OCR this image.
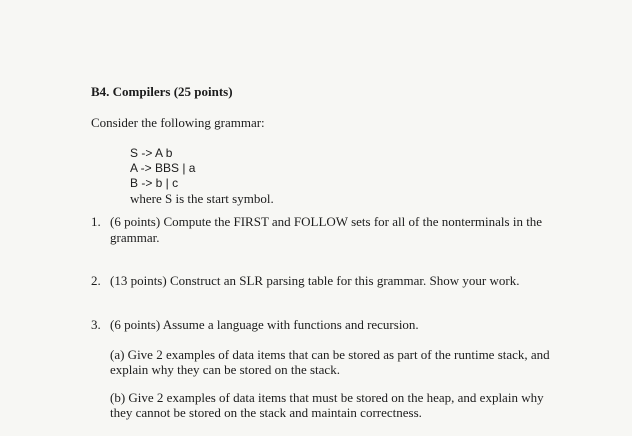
B4. Compilers (25 points)
Consider the following grammar:
S -> A b
A -> BBS | a
B -> b | c
where S is the start symbol.
1. (6 points) Compute the FIRST and FOLLOW sets for all of the nonterminals in the
grammar.
2. (13 points) Construct an SLR parsing table for this grammar. Show your work.
3. (6 points) Assume a language with functions and recursion.
(a) Give 2 examples of data items that can be stored as part of the runtime stack, and
explain why they can be stored on the stack.
(b) Give 2 examples of data items that must be stored on the heap, and explain why
they cannot be stored on the stack and maintain correctness.
